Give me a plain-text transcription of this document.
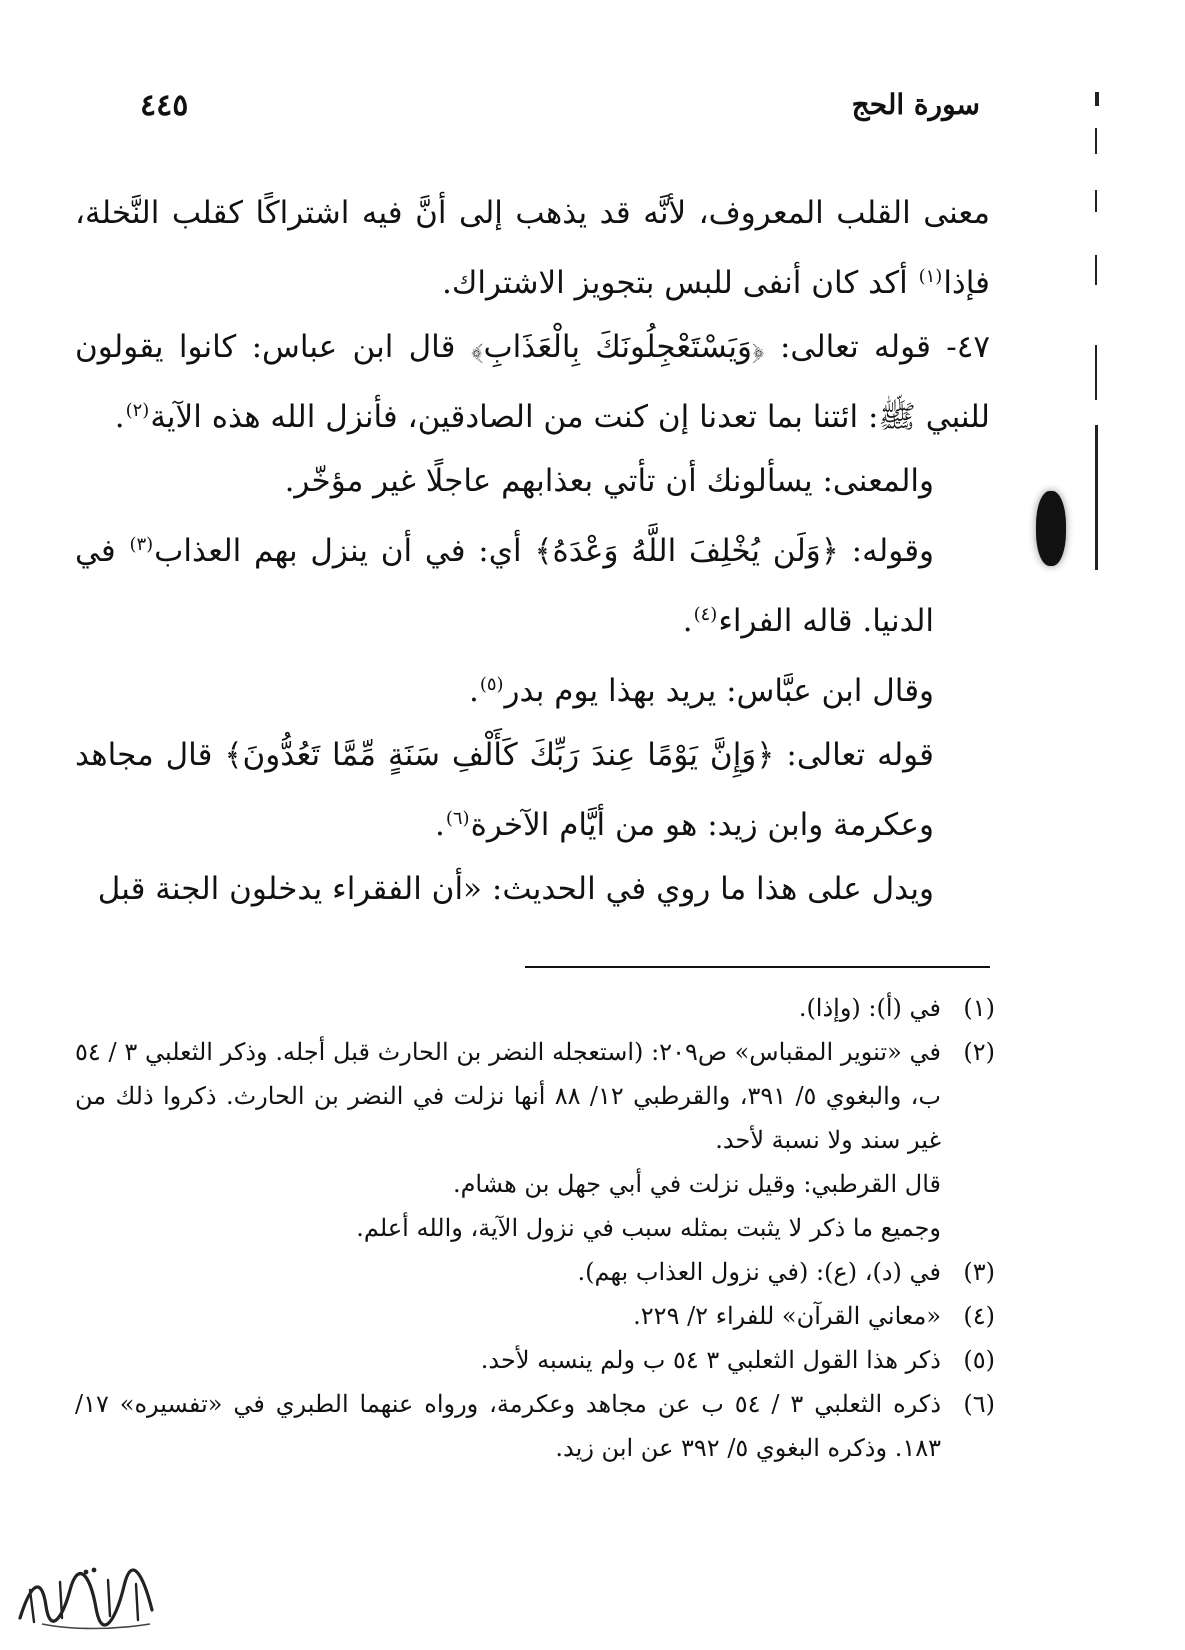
سورة الحج
٤٤٥

معنى القلب المعروف، لأنَّه قد يذهب إلى أنَّ فيه اشتراكًا كقلب النَّخلة، فإذا$^{(١)}$ أكد كان أنفى للبس بتجويز الاشتراك.

٤٧- قوله تعالى: ﴿وَيَسْتَعْجِلُونَكَ بِالْعَذَابِ﴾ قال ابن عباس: كانوا يقولون للنبي ﷺ: ائتنا بما تعدنا إن كنت من الصادقين، فأنزل الله هذه الآية$^{(٢)}$.

والمعنى: يسألونك أن تأتي بعذابهم عاجلًا غير مؤخّر.

وقوله: ﴿وَلَن يُخْلِفَ اللَّهُ وَعْدَهُ﴾ أي: في أن ينزل بهم العذاب$^{(٣)}$ في الدنيا. قاله الفراء$^{(٤)}$.

وقال ابن عبَّاس: يريد بهذا يوم بدر$^{(٥)}$.

قوله تعالى: ﴿وَإِنَّ يَوْمًا عِندَ رَبِّكَ كَأَلْفِ سَنَةٍ مِّمَّا تَعُدُّونَ﴾ قال مجاهد وعكرمة وابن زيد: هو من أيَّام الآخرة$^{(٦)}$.

ويدل على هذا ما روي في الحديث: «أن الفقراء يدخلون الجنة قبل

(١)
في (أ): (وإذا).
(٢)
في «تنوير المقباس» ص٢٠٩: (استعجله النضر بن الحارث قبل أجله. وذكر الثعلبي ٣ / ٥٤ ب، والبغوي ٥/ ٣٩١، والقرطبي ١٢/ ٨٨ أنها نزلت في النضر بن الحارث. ذكروا ذلك من غير سند ولا نسبة لأحد.
قال القرطبي: وقيل نزلت في أبي جهل بن هشام.
وجميع ما ذكر لا يثبت بمثله سبب في نزول الآية، والله أعلم.
(٣)
في (د)، (ع): (في نزول العذاب بهم).
(٤)
«معاني القرآن» للفراء ٢/ ٢٢٩.
(٥)
ذكر هذا القول الثعلبي ٣ ٥٤ ب ولم ينسبه لأحد.
(٦)
ذكره الثعلبي ٣ / ٥٤ ب عن مجاهد وعكرمة، ورواه عنهما الطبري في «تفسيره» ١٧/ ١٨٣. وذكره البغوي ٥/ ٣٩٢ عن ابن زيد.
